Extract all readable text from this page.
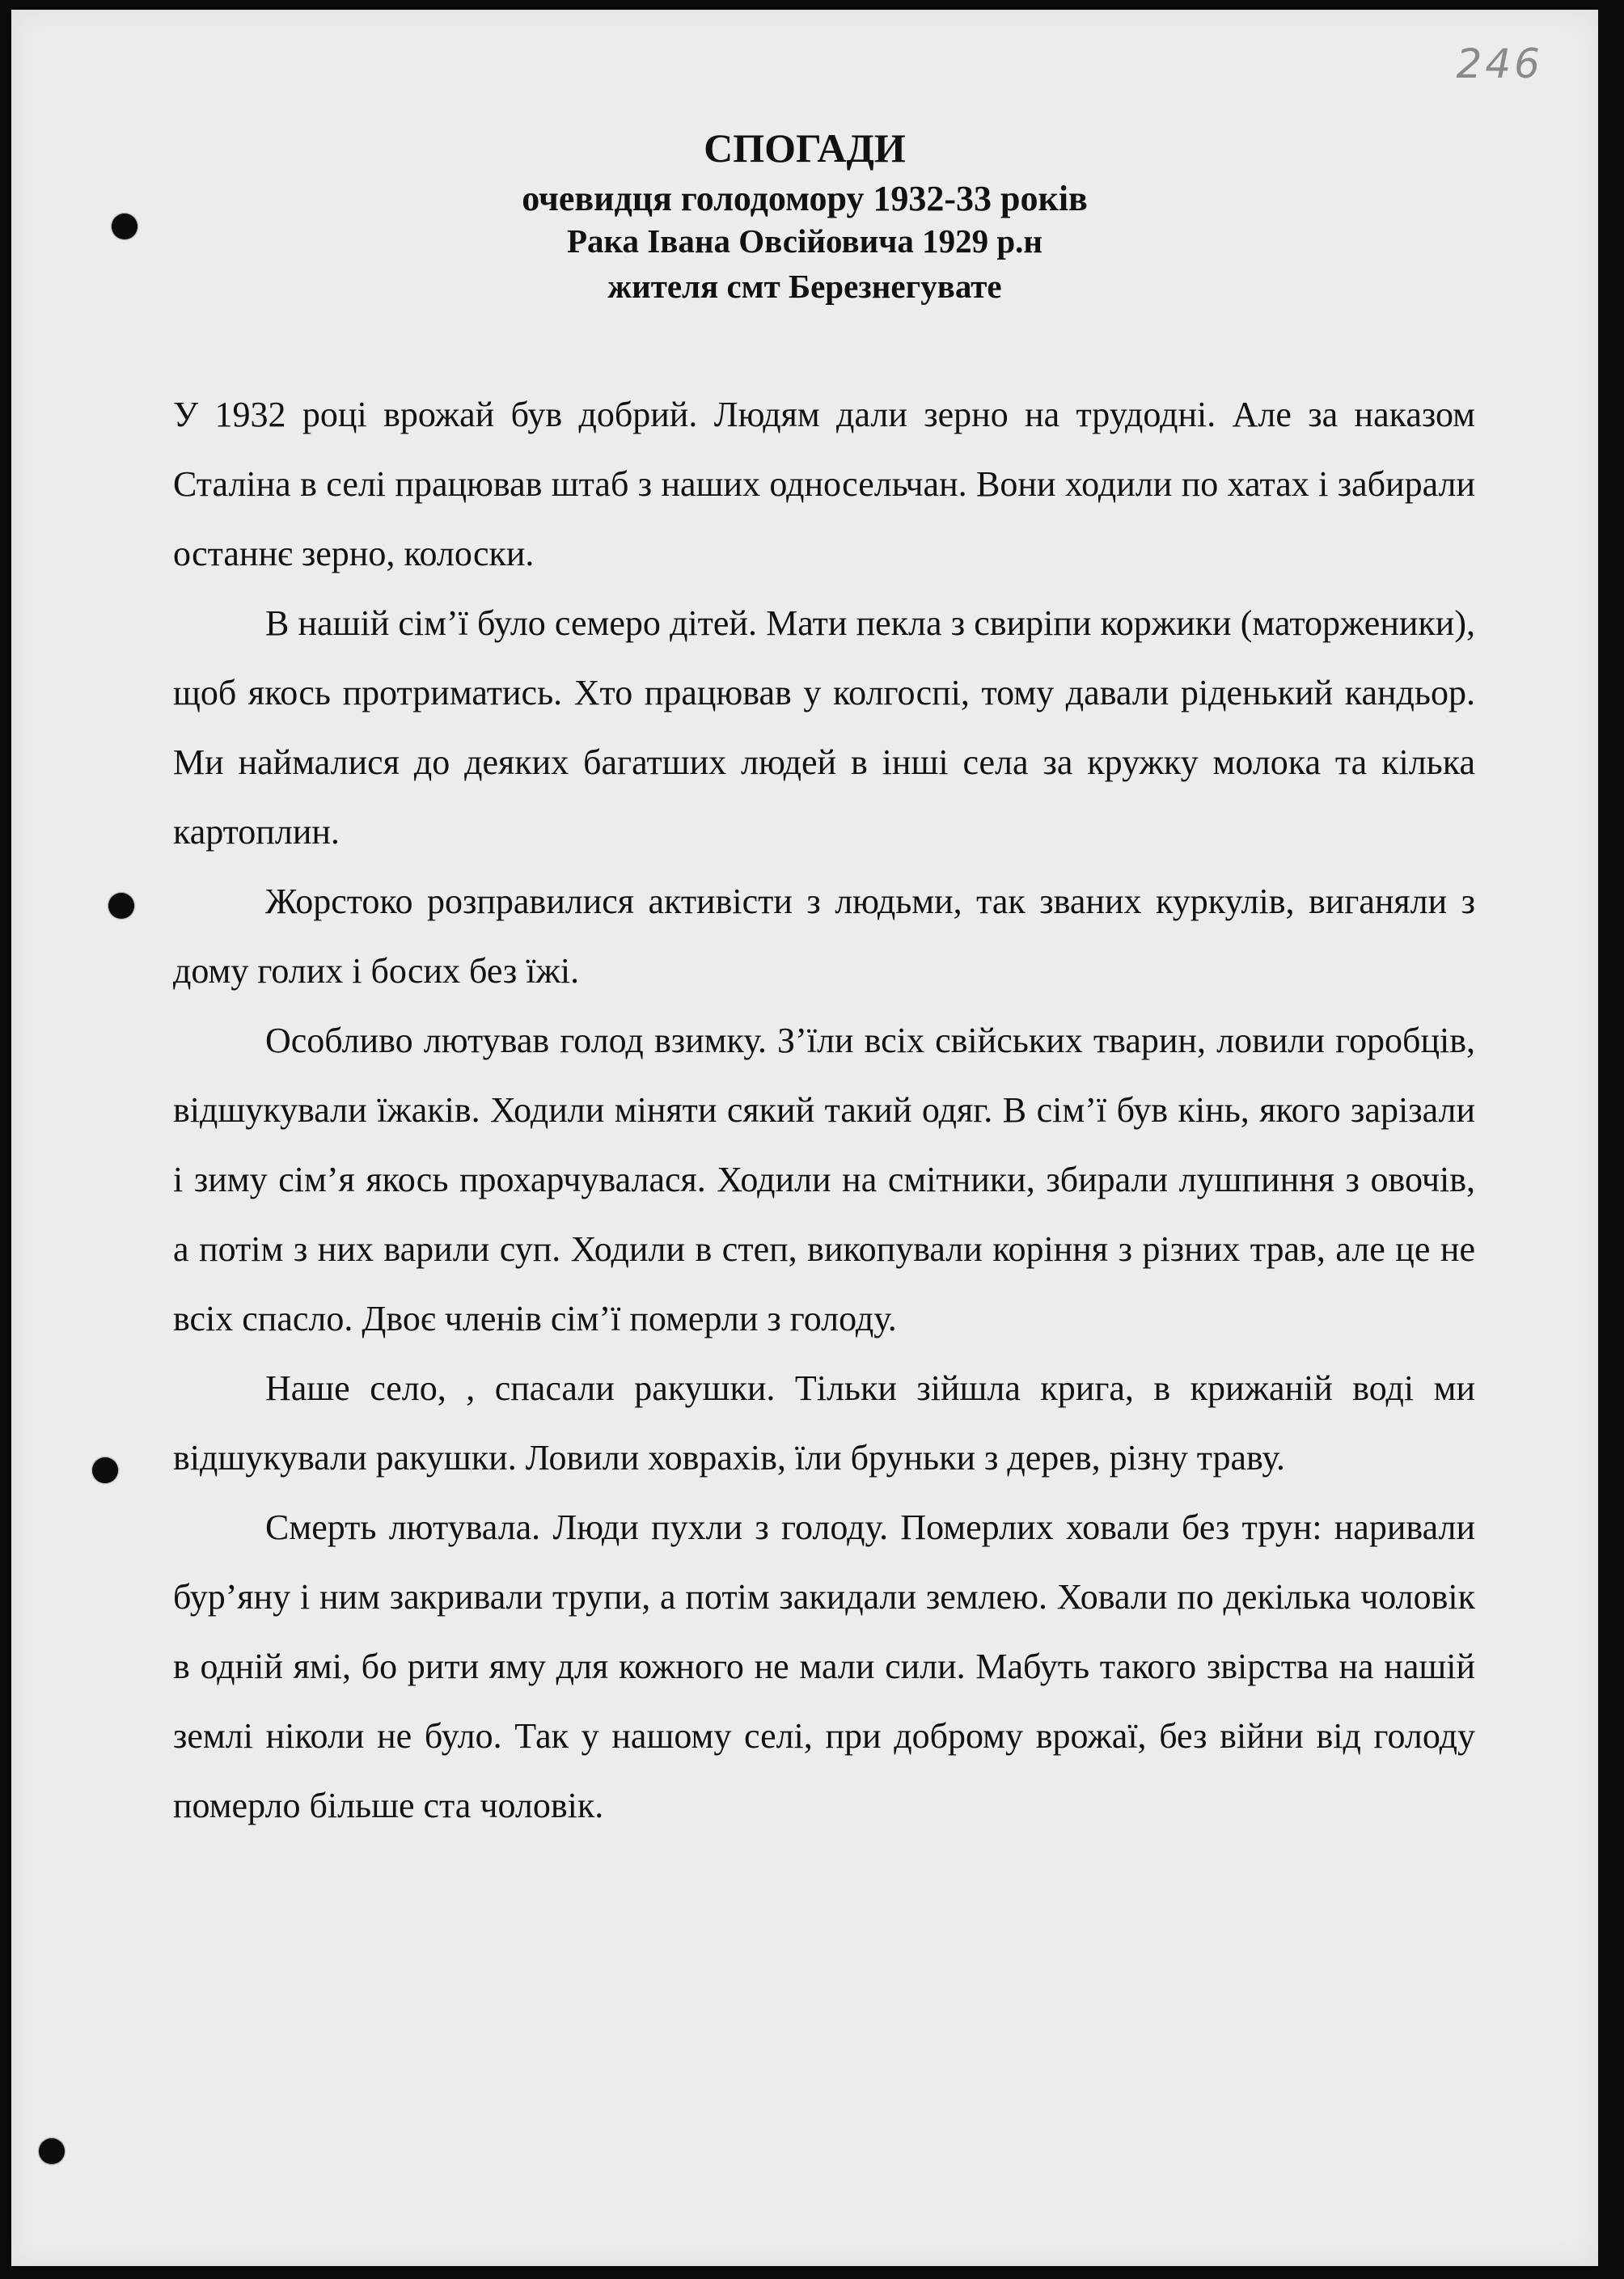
246
СПОГАДИ
очевидця голодомору 1932-33 років
Рака Івана Овсійовича 1929 р.н
жителя смт Березнегувате

У 1932 році врожай був добрий. Людям дали зерно на трудодні. Але за наказом Сталіна в селі працював штаб з наших односельчан. Вони ходили по хатах і забирали останнє зерно, колоски.

В нашій сім’ї було семеро дітей. Мати пекла з свиріпи коржики (маторженики), щоб якось протриматись. Хто працював у колгоспі, тому давали ріденький кандьор. Ми наймалися до деяких багатших людей в інші села за кружку молока та кілька картоплин.

Жорстоко розправилися активісти з людьми, так званих куркулів, виганяли з дому голих і босих без їжі.

Особливо лютував голод взимку. З’їли всіх свійських тварин, ловили горобців, відшукували їжаків. Ходили міняти сякий такий одяг. В сім’ї був кінь, якого зарізали і зиму сім’я якось прохарчувалася. Ходили на смітники, збирали лушпиння з овочів, а потім з них варили суп. Ходили в степ, викопували коріння з різних трав, але це не всіх спасло. Двоє членів сім’ї померли з голоду.

Наше село, , спасали ракушки. Тільки зійшла крига, в крижаній воді ми відшукували ракушки. Ловили ховрахів, їли бруньки з дерев, різну траву.

Смерть лютувала. Люди пухли з голоду. Померлих ховали без трун: наривали бур’яну і ним закривали трупи, а потім закидали землею. Ховали по декілька чоловік в одній ямі, бо рити яму для кожного не мали сили. Мабуть такого звірства на нашій землі ніколи не було. Так у нашому селі, при доброму врожаї, без війни від голоду померло більше ста чоловік.
